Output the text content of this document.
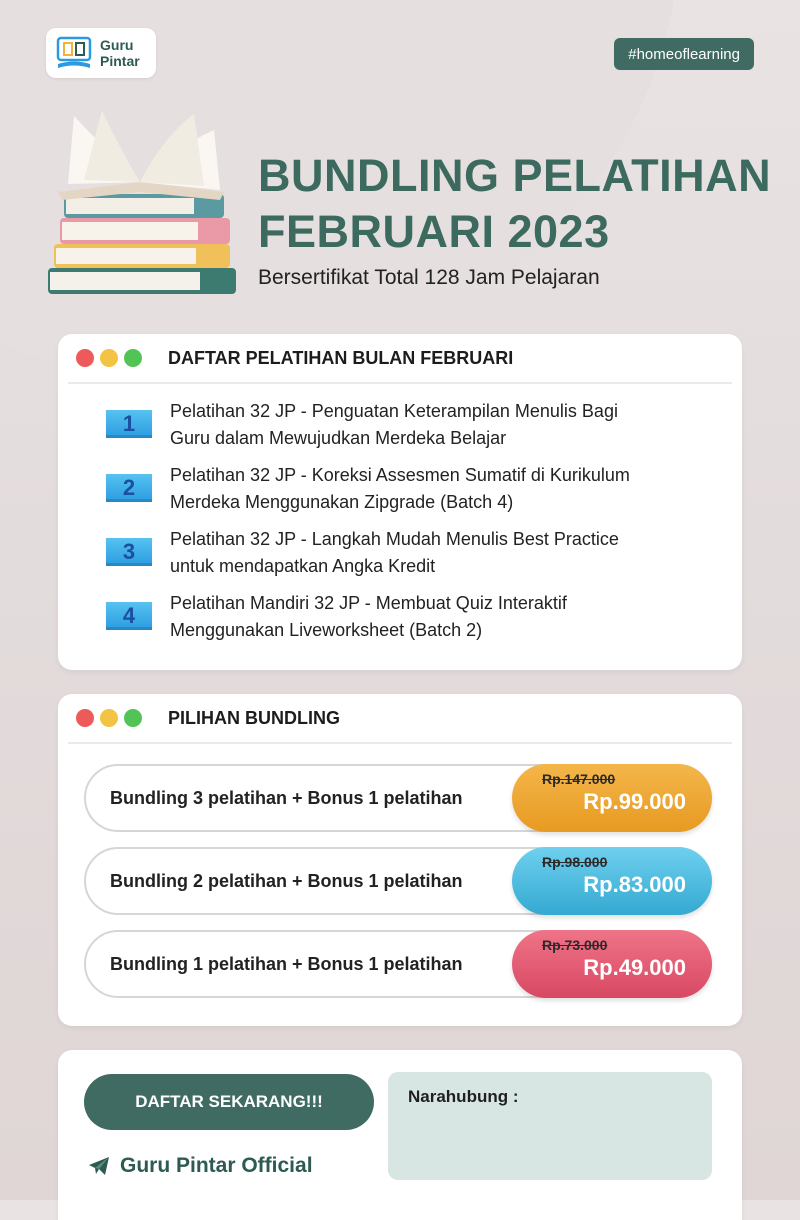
Guru
Pintar	#homeoflearning
BUNDLING PELATIHAN
FEBRUARI 2023
Bersertifikat Total 128 Jam Pelajaran
DAFTAR PELATIHAN BULAN FEBRUARI
1	Pelatihan 32 JP - Penguatan Keterampilan Menulis Bagi
Guru dalam Mewujudkan Merdeka Belajar
2	Pelatihan 32 JP - Koreksi Assesmen Sumatif di Kurikulum
Merdeka Menggunakan Zipgrade (Batch 4)
3	Pelatihan 32 JP - Langkah Mudah Menulis Best Practice
untuk mendapatkan Angka Kredit
4	Pelatihan Mandiri 32 JP - Membuat Quiz Interaktif
Menggunakan Liveworksheet (Batch 2)
PILIHAN BUNDLING
Bundling 3 pelatihan + Bonus 1 pelatihan
Rp.147.000
Rp.99.000
Bundling 2 pelatihan + Bonus 1 pelatihan
Rp.98.000
Rp.83.000
Bundling 1 pelatihan + Bonus 1 pelatihan
Rp.73.000
Rp.49.000
DAFTAR SEKARANG!!!
Guru Pintar Official
Narahubung :
